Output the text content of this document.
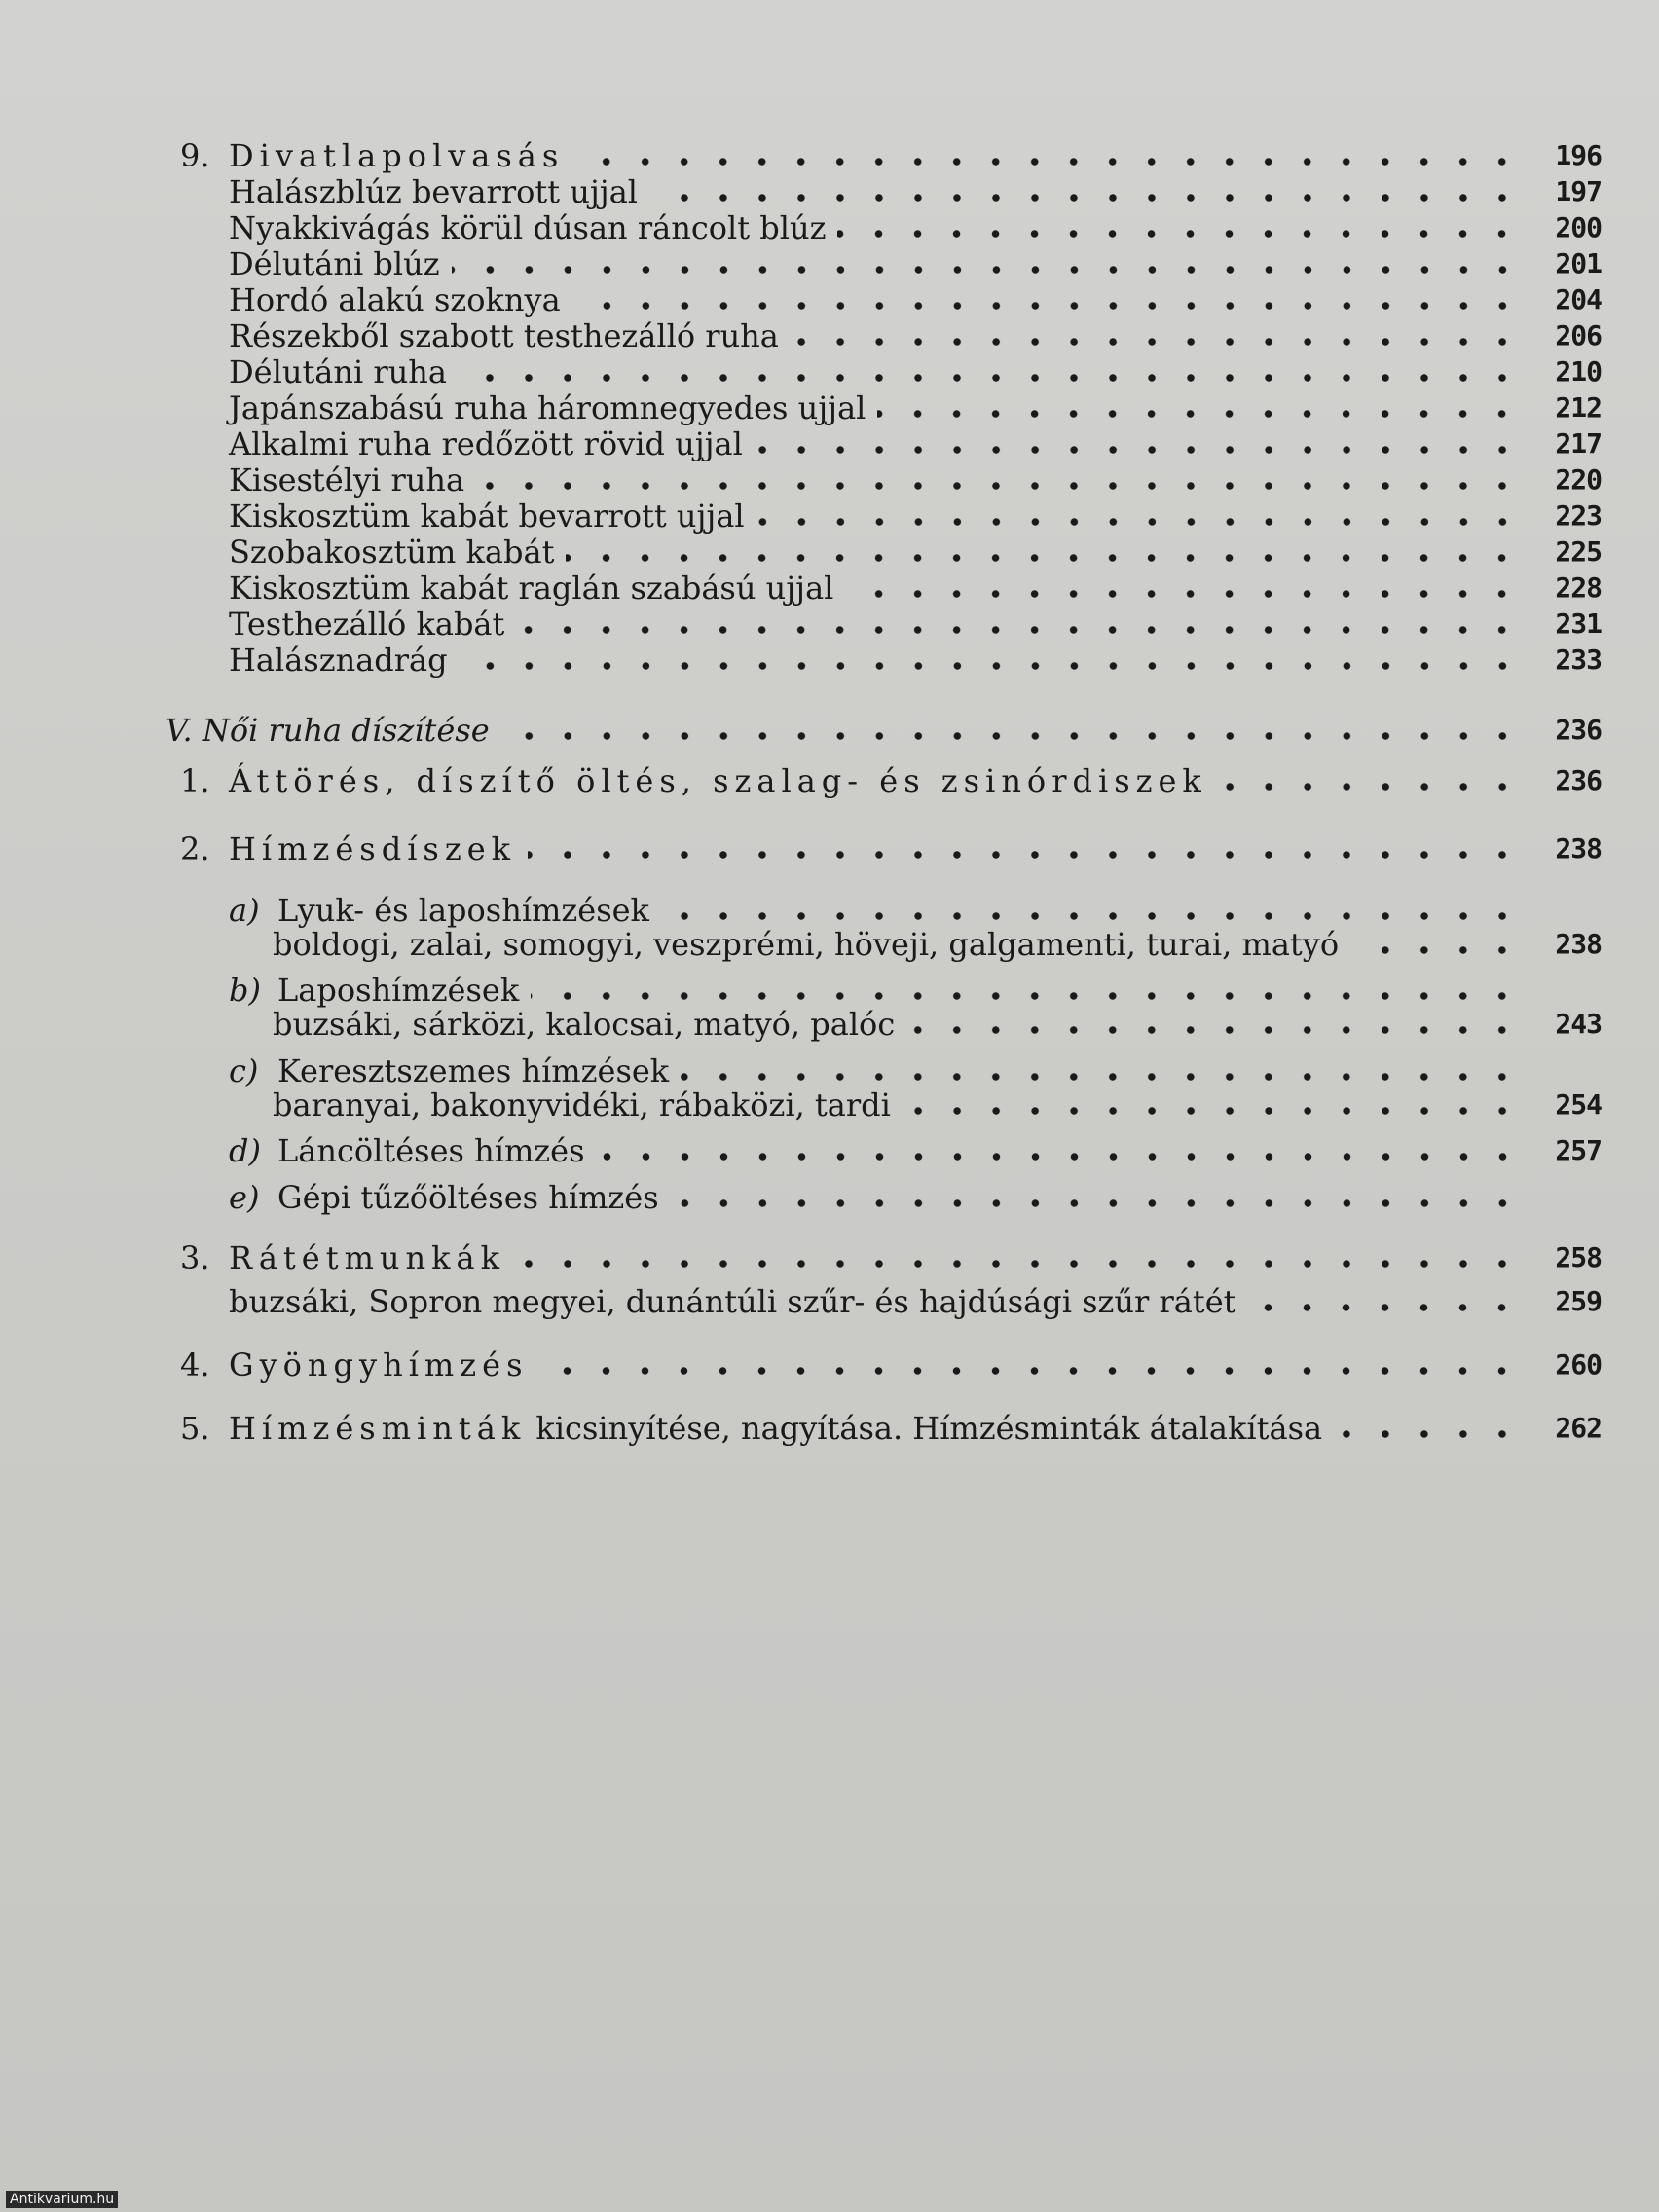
9. Divatlapolvasás	196
Halászblúz bevarrott ujjal	197
Nyakkivágás körül dúsan ráncolt blúz	200
Délutáni blúz	201
Hordó alakú szoknya	204
Részekből szabott testhezálló ruha	206
Délutáni ruha	210
Japánszabású ruha háromnegyedes ujjal	212
Alkalmi ruha redőzött rövid ujjal	217
Kisestélyi ruha	220
Kiskosztüm kabát bevarrott ujjal	223
Szobakosztüm kabát	225
Kiskosztüm kabát raglán szabású ujjal	228
Testhezálló kabát	231
Halásznadrág	233
V. Női ruha díszítése	236
1. Áttörés, díszítő öltés, szalag- és zsinórdiszek	236
2. Hímzésdíszek	238
a) Lyuk- és laposhímzések
boldogi, zalai, somogyi, veszprémi, höveji, galgamenti, turai, matyó	238
b) Laposhímzések
buzsáki, sárközi, kalocsai, matyó, palóc	243
c) Keresztszemes hímzések
baranyai, bakonyvidéki, rábaközi, tardi	254
d) Láncöltéses hímzés	257
e) Gépi tűzőöltéses hímzés
3. Rátétmunkák	258
buzsáki, Sopron megyei, dunántúli szűr- és hajdúsági szűr rátét	259
4. Gyöngyhímzés	260
5. Hímzésminták kicsinyítése, nagyítása. Hímzésminták átalakítása	262
Antikvarium.hu
